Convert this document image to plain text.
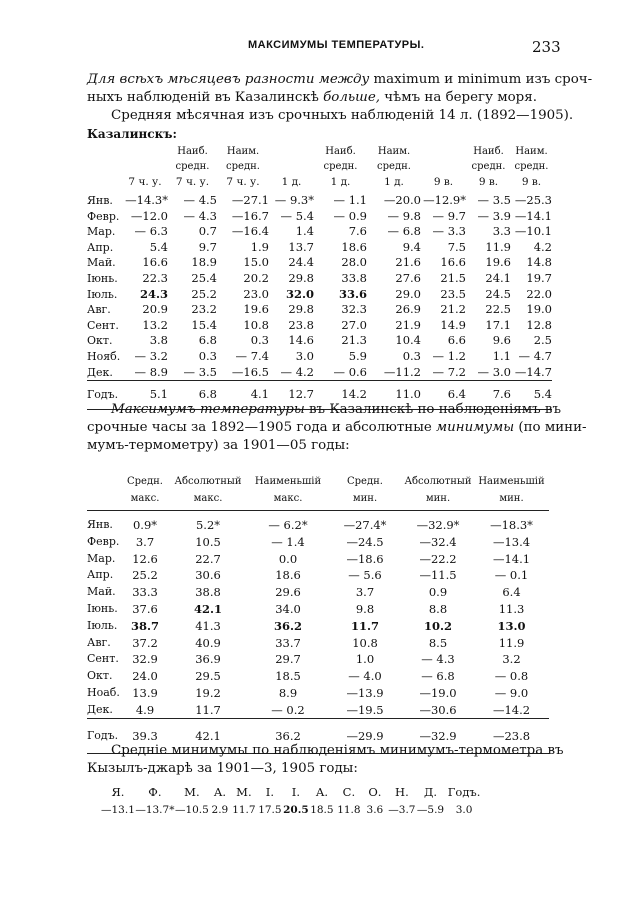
МАКСИМУМЫ ТЕМПЕРАТУРЫ.	233
Для всѣхъ мѣсяцевъ разности между maximum и minimum изъ сроч-
ныхъ наблюденій въ Казалинскѣ больше, чѣмъ на берегу моря.
Средняя мѣсячная изъ срочныхъ наблюденій 14 л. (1892—1905).
Казалинскъ:
		Наиб.	Наим.		Наиб.	Наим.		Наиб.	Наим.
		средн.	средн.		средн.	средн.		средн.	средн.
	7 ч. у.	7 ч. у.	7 ч. у.	1 д.	1 д.	1 д.	9 в.	9 в.	9 в.
Янв.	—14.3*	— 4.5	—27.1	— 9.3*	— 1.1	—20.0	—12.9*	— 3.5	—25.3
Февр.	—12.0	— 4.3	—16.7	— 5.4	— 0.9	— 9.8	— 9.7	— 3.9	—14.1
Мар.	— 6.3	0.7	—16.4	1.4	7.6	— 6.8	— 3.3	3.3	—10.1
Апр.	5.4	9.7	1.9	13.7	18.6	9.4	7.5	11.9	4.2
Май.	16.6	18.9	15.0	24.4	28.0	21.6	16.6	19.6	14.8
Іюнь.	22.3	25.4	20.2	29.8	33.8	27.6	21.5	24.1	19.7
Іюль.	24.3	25.2	23.0	32.0	33.6	29.0	23.5	24.5	22.0
Авг.	20.9	23.2	19.6	29.8	32.3	26.9	21.2	22.5	19.0
Сент.	13.2	15.4	10.8	23.8	27.0	21.9	14.9	17.1	12.8
Окт.	3.8	6.8	0.3	14.6	21.3	10.4	6.6	9.6	2.5
Нояб.	— 3.2	0.3	— 7.4	3.0	5.9	0.3	— 1.2	1.1	— 4.7
Дек.	— 8.9	— 3.5	—16.5	— 4.2	— 0.6	—11.2	— 7.2	— 3.0	—14.7
Годъ.	5.1	6.8	4.1	12.7	14.2	11.0	6.4	7.6	5.4
Максимумъ температуры въ Казалинскѣ по наблюденіямъ въ
срочные часы за 1892—1905 года и абсолютные минимумы (по мини-
мумъ-термометру) за 1901—05 годы:
	Средн.	Абсолютный	Наименьшій	Средн.	Абсолютный	Наименьшій
	макс.	макс.	макс.	мин.	мин.	мин.
Янв.	0.9*	5.2*	— 6.2*	—27.4*	—32.9*	—18.3*
Февр.	3.7	10.5	— 1.4	—24.5	—32.4	—13.4
Мар.	12.6	22.7	0.0	—18.6	—22.2	—14.1
Апр.	25.2	30.6	18.6	— 5.6	—11.5	— 0.1
Май.	33.3	38.8	29.6	3.7	0.9	6.4
Іюнь.	37.6	42.1	34.0	9.8	8.8	11.3
Іюль.	38.7	41.3	36.2	11.7	10.2	13.0
Авг.	37.2	40.9	33.7	10.8	8.5	11.9
Сент.	32.9	36.9	29.7	1.0	— 4.3	3.2
Окт.	24.0	29.5	18.5	— 4.0	— 6.8	— 0.8
Ноаб.	13.9	19.2	8.9	—13.9	—19.0	— 9.0
Дек.	4.9	11.7	— 0.2	—19.5	—30.6	—14.2
Годъ.	39.3	42.1	36.2	—29.9	—32.9	—23.8
Средніе минимумы по наблюденіямъ минимумъ-термометра въ
Кызылъ-джарѣ за 1901—3, 1905 годы:
Я.	Ф.	М.	А.	М.	І.	І.	А.	С.	О.	Н.	Д.	Годъ.
—13.1	—13.7*	—10.5	2.9	11.7	17.5	20.5	18.5	11.8	3.6	—3.7	—5.9	3.0
